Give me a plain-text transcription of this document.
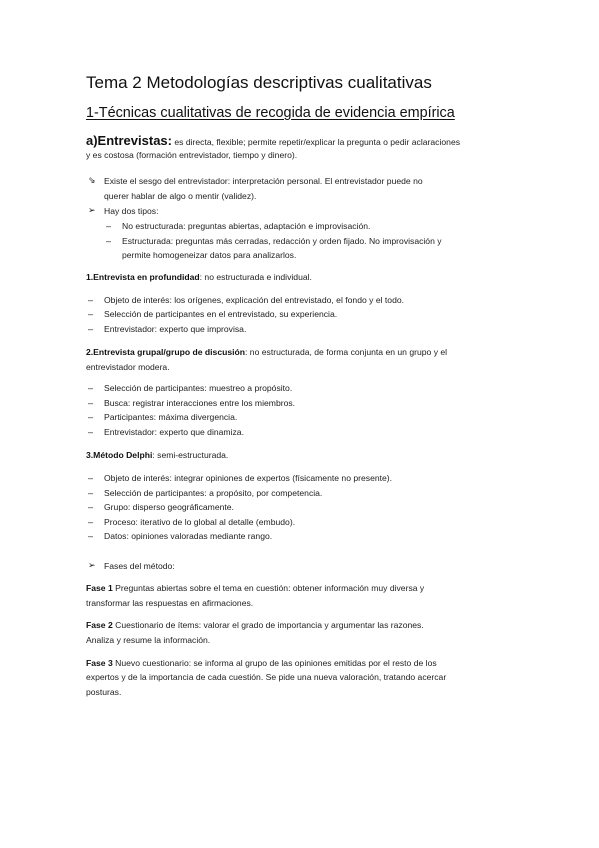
Tema 2 Metodologías descriptivas cualitativas
1-Técnicas cualitativas de recogida de evidencia empírica
a)Entrevistas: es directa, flexible; permite repetir/explicar la pregunta o pedir aclaraciones
y es costosa (formación entrevistador, tiempo y dinero).
⇘ Existe el sesgo del entrevistador: interpretación personal. El entrevistador puede no
querer hablar de algo o mentir (validez).
➢ Hay dos tipos:
– No estructurada: preguntas abiertas, adaptación e improvisación.
– Estructurada: preguntas más cerradas, redacción y orden fijado. No improvisación y
permite homogeneizar datos para analizarlos.
1.Entrevista en profundidad: no estructurada e individual.
– Objeto de interés: los orígenes, explicación del entrevistado, el fondo y el todo.
– Selección de participantes en el entrevistado, su experiencia.
– Entrevistador: experto que improvisa.
2.Entrevista grupal/grupo de discusión: no estructurada, de forma conjunta en un grupo y el
entrevistador modera.
– Selección de participantes: muestreo a propósito.
– Busca: registrar interacciones entre los miembros.
– Participantes: máxima divergencia.
– Entrevistador: experto que dinamiza.
3.Método Delphi: semi-estructurada.
– Objeto de interés: integrar opiniones de expertos (físicamente no presente).
– Selección de participantes: a propósito, por competencia.
– Grupo: disperso geográficamente.
– Proceso: iterativo de lo global al detalle (embudo).
– Datos: opiniones valoradas mediante rango.
➢ Fases del método:
Fase 1 Preguntas abiertas sobre el tema en cuestión: obtener información muy diversa y
transformar las respuestas en afirmaciones.
Fase 2 Cuestionario de ítems: valorar el grado de importancia y argumentar las razones.
Analiza y resume la información.
Fase 3 Nuevo cuestionario: se informa al grupo de las opiniones emitidas por el resto de los
expertos y de la importancia de cada cuestión. Se pide una nueva valoración, tratando acercar
posturas.
